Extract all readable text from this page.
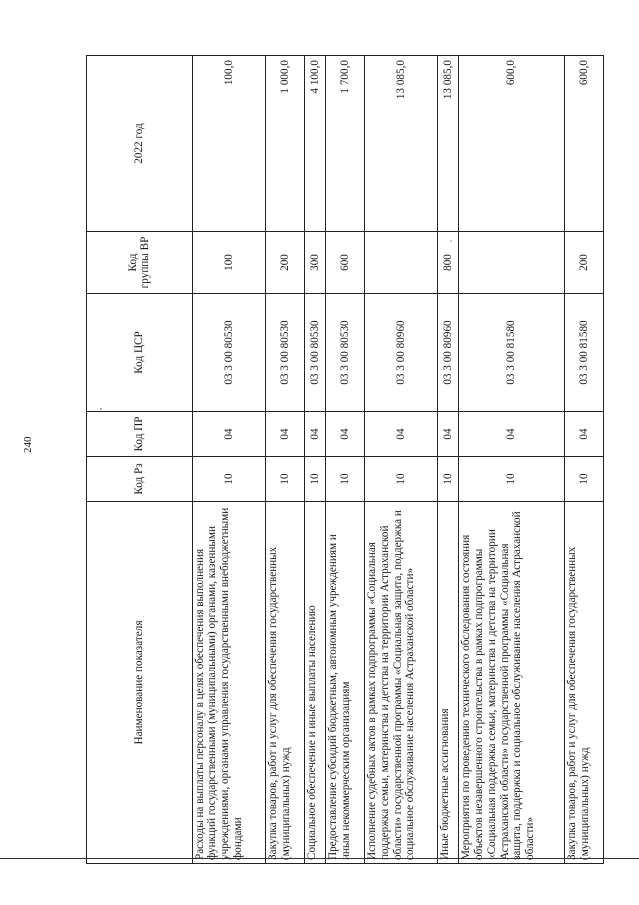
240
Наименование показателя	Код Рз	Код ПР	Код ЦСР	Код группы ВР	2022 год
Расходы на выплаты персоналу в целях обеспечения выполнения функций государственными (муниципальными) органами, казенными учреждениями, органами управления государственными внебюджетными фондами	10	04	03 3 00 80530	100	100,0
Закупка товаров, работ и услуг для обеспечения государственных (муниципальных) нужд	10	04	03 3 00 80530	200	1 000,0
Социальное обеспечение и иные выплаты населению	10	04	03 3 00 80530	300	4 100,0
Предоставление субсидий бюджетным, автономным учреждениям и иным некоммерческим организациям	10	04	03 3 00 80530	600	1 700,0
Исполнение судебных актов в рамках подпрограммы «Социальная поддержка семьи, материнства и детства на территории Астраханской области» государственной программы «Социальная защита, поддержка и социальное обслуживание населения Астраханской области»	10	04	03 3 00 80960		13 085,0
Иные бюджетные ассигнования	10	04	03 3 00 80960	800	13 085,0
Мероприятия по проведению технического обследования состояния объектов незавершенного строительства в рамках подпрограммы «Социальная поддержка семьи, материнства и детства на территории Астраханской области» государственной программы «Социальная защита, поддержка и социальное обслуживание населения Астраханской области»	10	04	03 3 00 81580		600,0
Закупка товаров, работ и услуг для обеспечения государственных (муниципальных) нужд	10	04	03 3 00 81580	200	600,0
